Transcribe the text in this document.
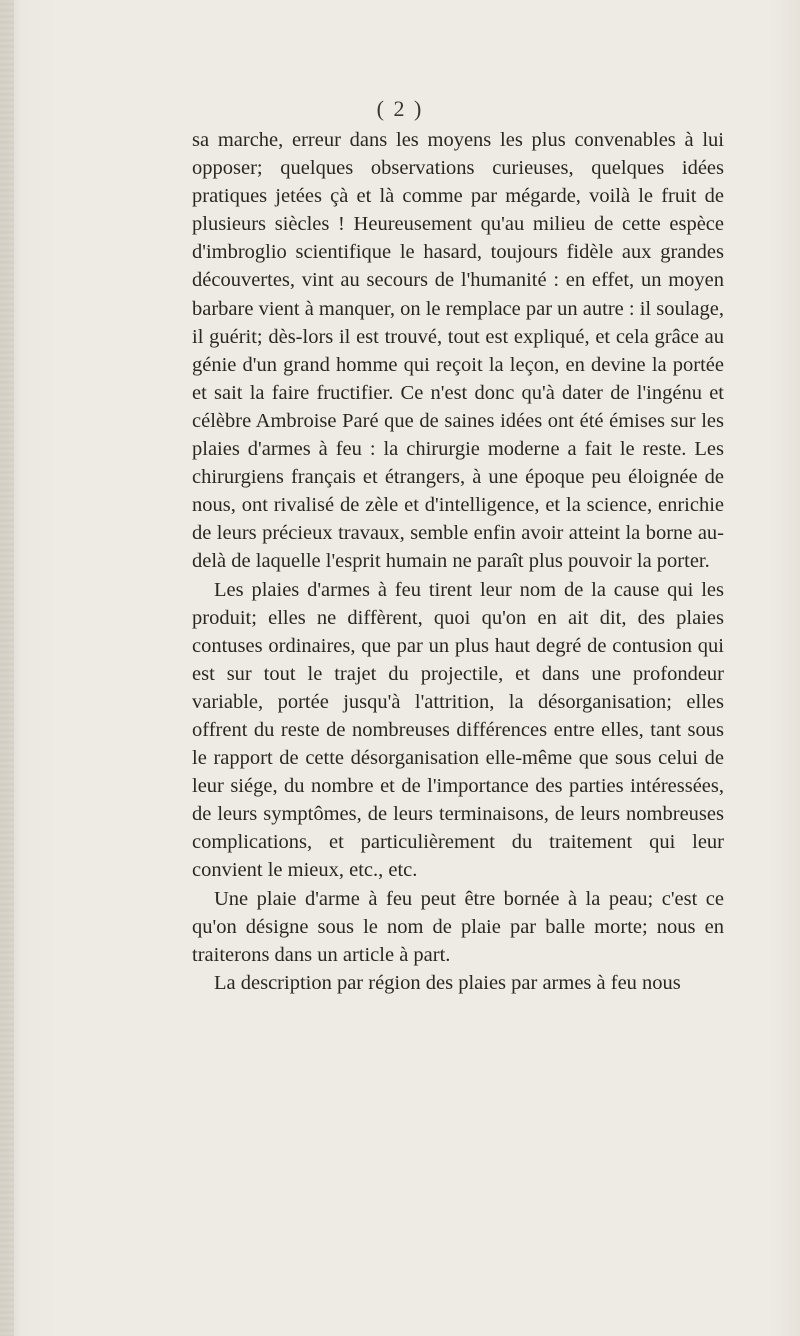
( 2 )

sa marche, erreur dans les moyens les plus convenables à lui opposer; quelques observations curieuses, quelques idées pratiques jetées çà et là comme par mégarde, voilà le fruit de plusieurs siècles ! Heureusement qu'au milieu de cette espèce d'imbroglio scientifique le hasard, toujours fidèle aux grandes découvertes, vint au secours de l'humanité : en effet, un moyen barbare vient à manquer, on le remplace par un autre : il soulage, il guérit; dès-lors il est trouvé, tout est expliqué, et cela grâce au génie d'un grand homme qui reçoit la leçon, en devine la portée et sait la faire fructifier. Ce n'est donc qu'à dater de l'ingénu et célèbre Ambroise Paré que de saines idées ont été émises sur les plaies d'armes à feu : la chirurgie moderne a fait le reste. Les chirurgiens français et étrangers, à une époque peu éloignée de nous, ont rivalisé de zèle et d'intelligence, et la science, enrichie de leurs précieux travaux, semble enfin avoir atteint la borne au-delà de laquelle l'esprit humain ne paraît plus pouvoir la porter.

Les plaies d'armes à feu tirent leur nom de la cause qui les produit; elles ne diffèrent, quoi qu'on en ait dit, des plaies contuses ordinaires, que par un plus haut degré de contusion qui est sur tout le trajet du projectile, et dans une profondeur variable, portée jusqu'à l'attrition, la désorganisation; elles offrent du reste de nombreuses différences entre elles, tant sous le rapport de cette désorganisation elle-même que sous celui de leur siége, du nombre et de l'importance des parties intéressées, de leurs symptômes, de leurs terminaisons, de leurs nombreuses complications, et particulièrement du traitement qui leur convient le mieux, etc., etc.

Une plaie d'arme à feu peut être bornée à la peau; c'est ce qu'on désigne sous le nom de plaie par balle morte; nous en traiterons dans un article à part.

La description par région des plaies par armes à feu nous
